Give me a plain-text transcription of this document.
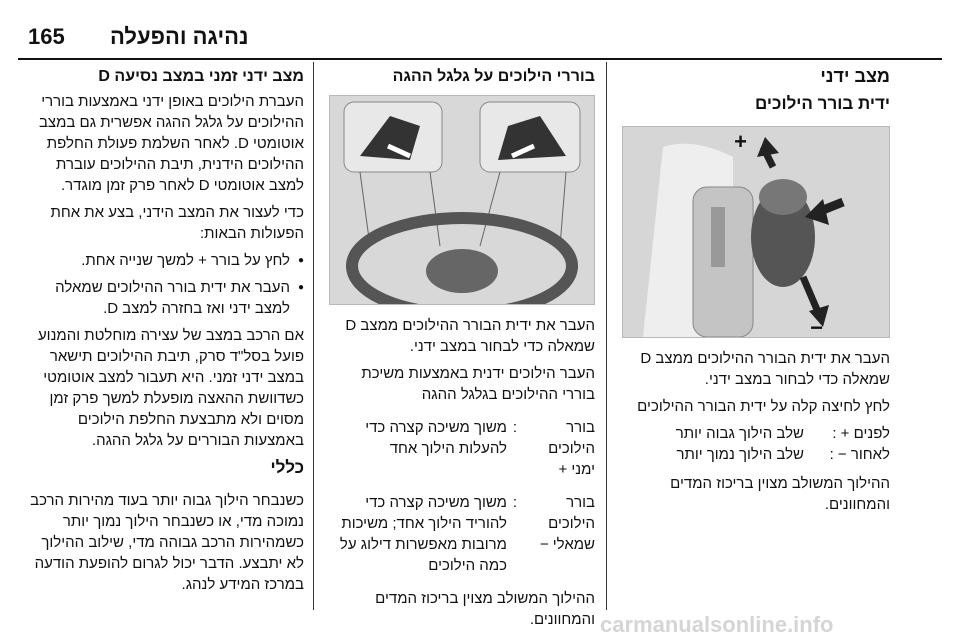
165 נהיגה והפעלה
מצב ידני
ידית בורר הילוכים
+
−

העבר את ידית הבורר ההילוכים ממצב D שמאלה כדי לבחור במצב ידני.

לחץ לחיצה קלה על ידית הבורר ההילוכים

לפנים + :
שלב הילוך גבוה יותר
לאחור − :
שלב הילוך נמוך יותר

ההילוך המשולב מצוין בריכוז המדים והמחוונים.

בוררי הילוכים על גלגל ההגה

העבר את ידית הבורר ההילוכים ממצב D שמאלה כדי לבחור במצב ידני.

העבר הילוכים ידנית באמצעות משיכת בוררי ההילוכים בגלגל ההגה

בורר הילוכים ימני +
:
משוך משיכה קצרה כדי להעלות הילוך אחד
בורר הילוכים שמאלי −
:
משוך משיכה קצרה כדי להוריד הילוך אחד; משיכות מרובות מאפשרות דילוג על כמה הילוכים

ההילוך המשולב מצוין בריכוז המדים והמחוונים.

מצב ידני זמני במצב נסיעה D

העברת הילוכים באופן ידני באמצעות בוררי ההילוכים על גלגל ההגה אפשרית גם במצב אוטומטי D. לאחר השלמת פעולת החלפת ההילוכים הידנית, תיבת ההילוכים עוברת למצב אוטומטי D לאחר פרק זמן מוגדר.

כדי לעצור את המצב הידני, בצע את אחת הפעולות הבאות:

● לחץ על בורר + למשך שנייה אחת.
● העבר את ידית בורר ההילוכים שמאלה למצב ידני ואז בחזרה למצב D.

אם הרכב במצב של עצירה מוחלטת והמנוע פועל בסל"ד סרק, תיבת ההילוכים תישאר במצב ידני זמני. היא תעבור למצב אוטומטי כשדוושת ההאצה מופעלת למשך פרק זמן מסוים ולא מתבצעת החלפת הילוכים באמצעות הבוררים על גלגל ההגה.

כללי

כשנבחר הילוך גבוה יותר בעוד מהירות הרכב נמוכה מדי, או כשנבחר הילוך נמוך יותר כשמהירות הרכב גבוהה מדי, שילוב ההילוך לא יתבצע. הדבר יכול לגרום להופעת הודעה במרכז המידע לנהג.

carmanualsonline.info
